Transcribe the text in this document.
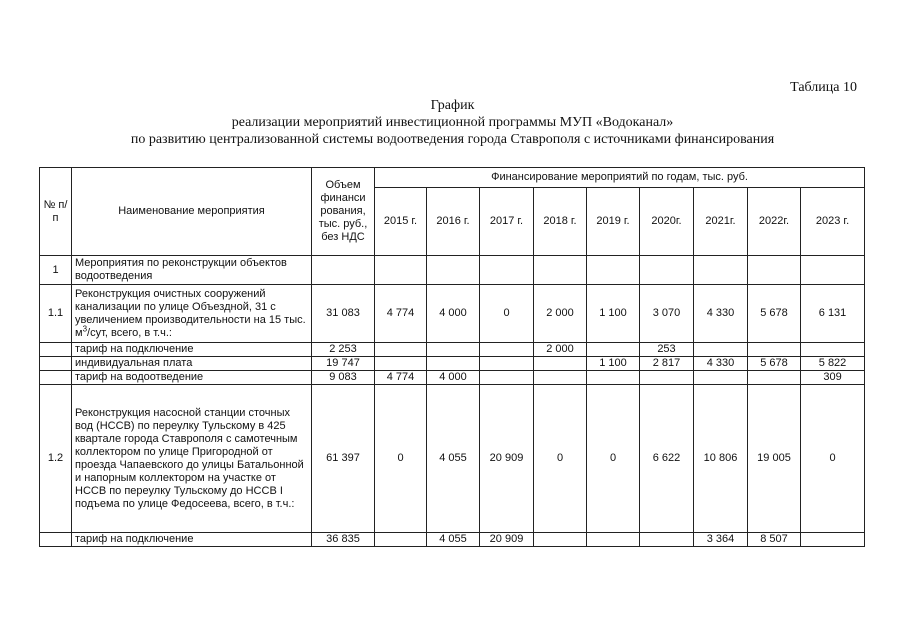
Таблица 10
График
реализации мероприятий инвестиционной программы МУП «Водоканал»
по развитию централизованной системы водоотведения города Ставрополя с источниками финансирования
№ п/п	Наименование мероприятия	Объем финанси рования, тыс. руб., без НДС	Финансирование мероприятий по годам, тыс. руб.								
			2015 г.	2016 г.	2017 г.	2018 г.	2019 г.	2020г.	2021г.	2022г.	2023 г.
1	Мероприятия по реконструкции объектов водоотведения										
1.1	Реконструкция очистных сооружений канализации по улице Объездной, 31 с увеличением производительности на 15 тыс. $м^3$/сут, всего, в т.ч.:	31 083	4 774	4 000	0	2 000	1 100	3 070	4 330	5 678	6 131
	тариф на подключение	2 253				2 000		253			
	индивидуальная плата	19 747					1 100	2 817	4 330	5 678	5 822
	тариф на водоотведение	9 083	4 774	4 000							309
1.2	Реконструкция насосной станции сточных вод (НССВ) по переулку Тульскому в 425 квартале города Ставрополя с самотечным коллектором по улице Пригородной от проезда Чапаевского до улицы Батальонной и напорным коллектором на участке от НССВ по переулку Тульскому до НССВ I подъема по улице Федосеева, всего, в т.ч.:	61 397	0	4 055	20 909	0	0	6 622	10 806	19 005	0
	тариф на подключение	36 835		4 055	20 909				3 364	8 507	
